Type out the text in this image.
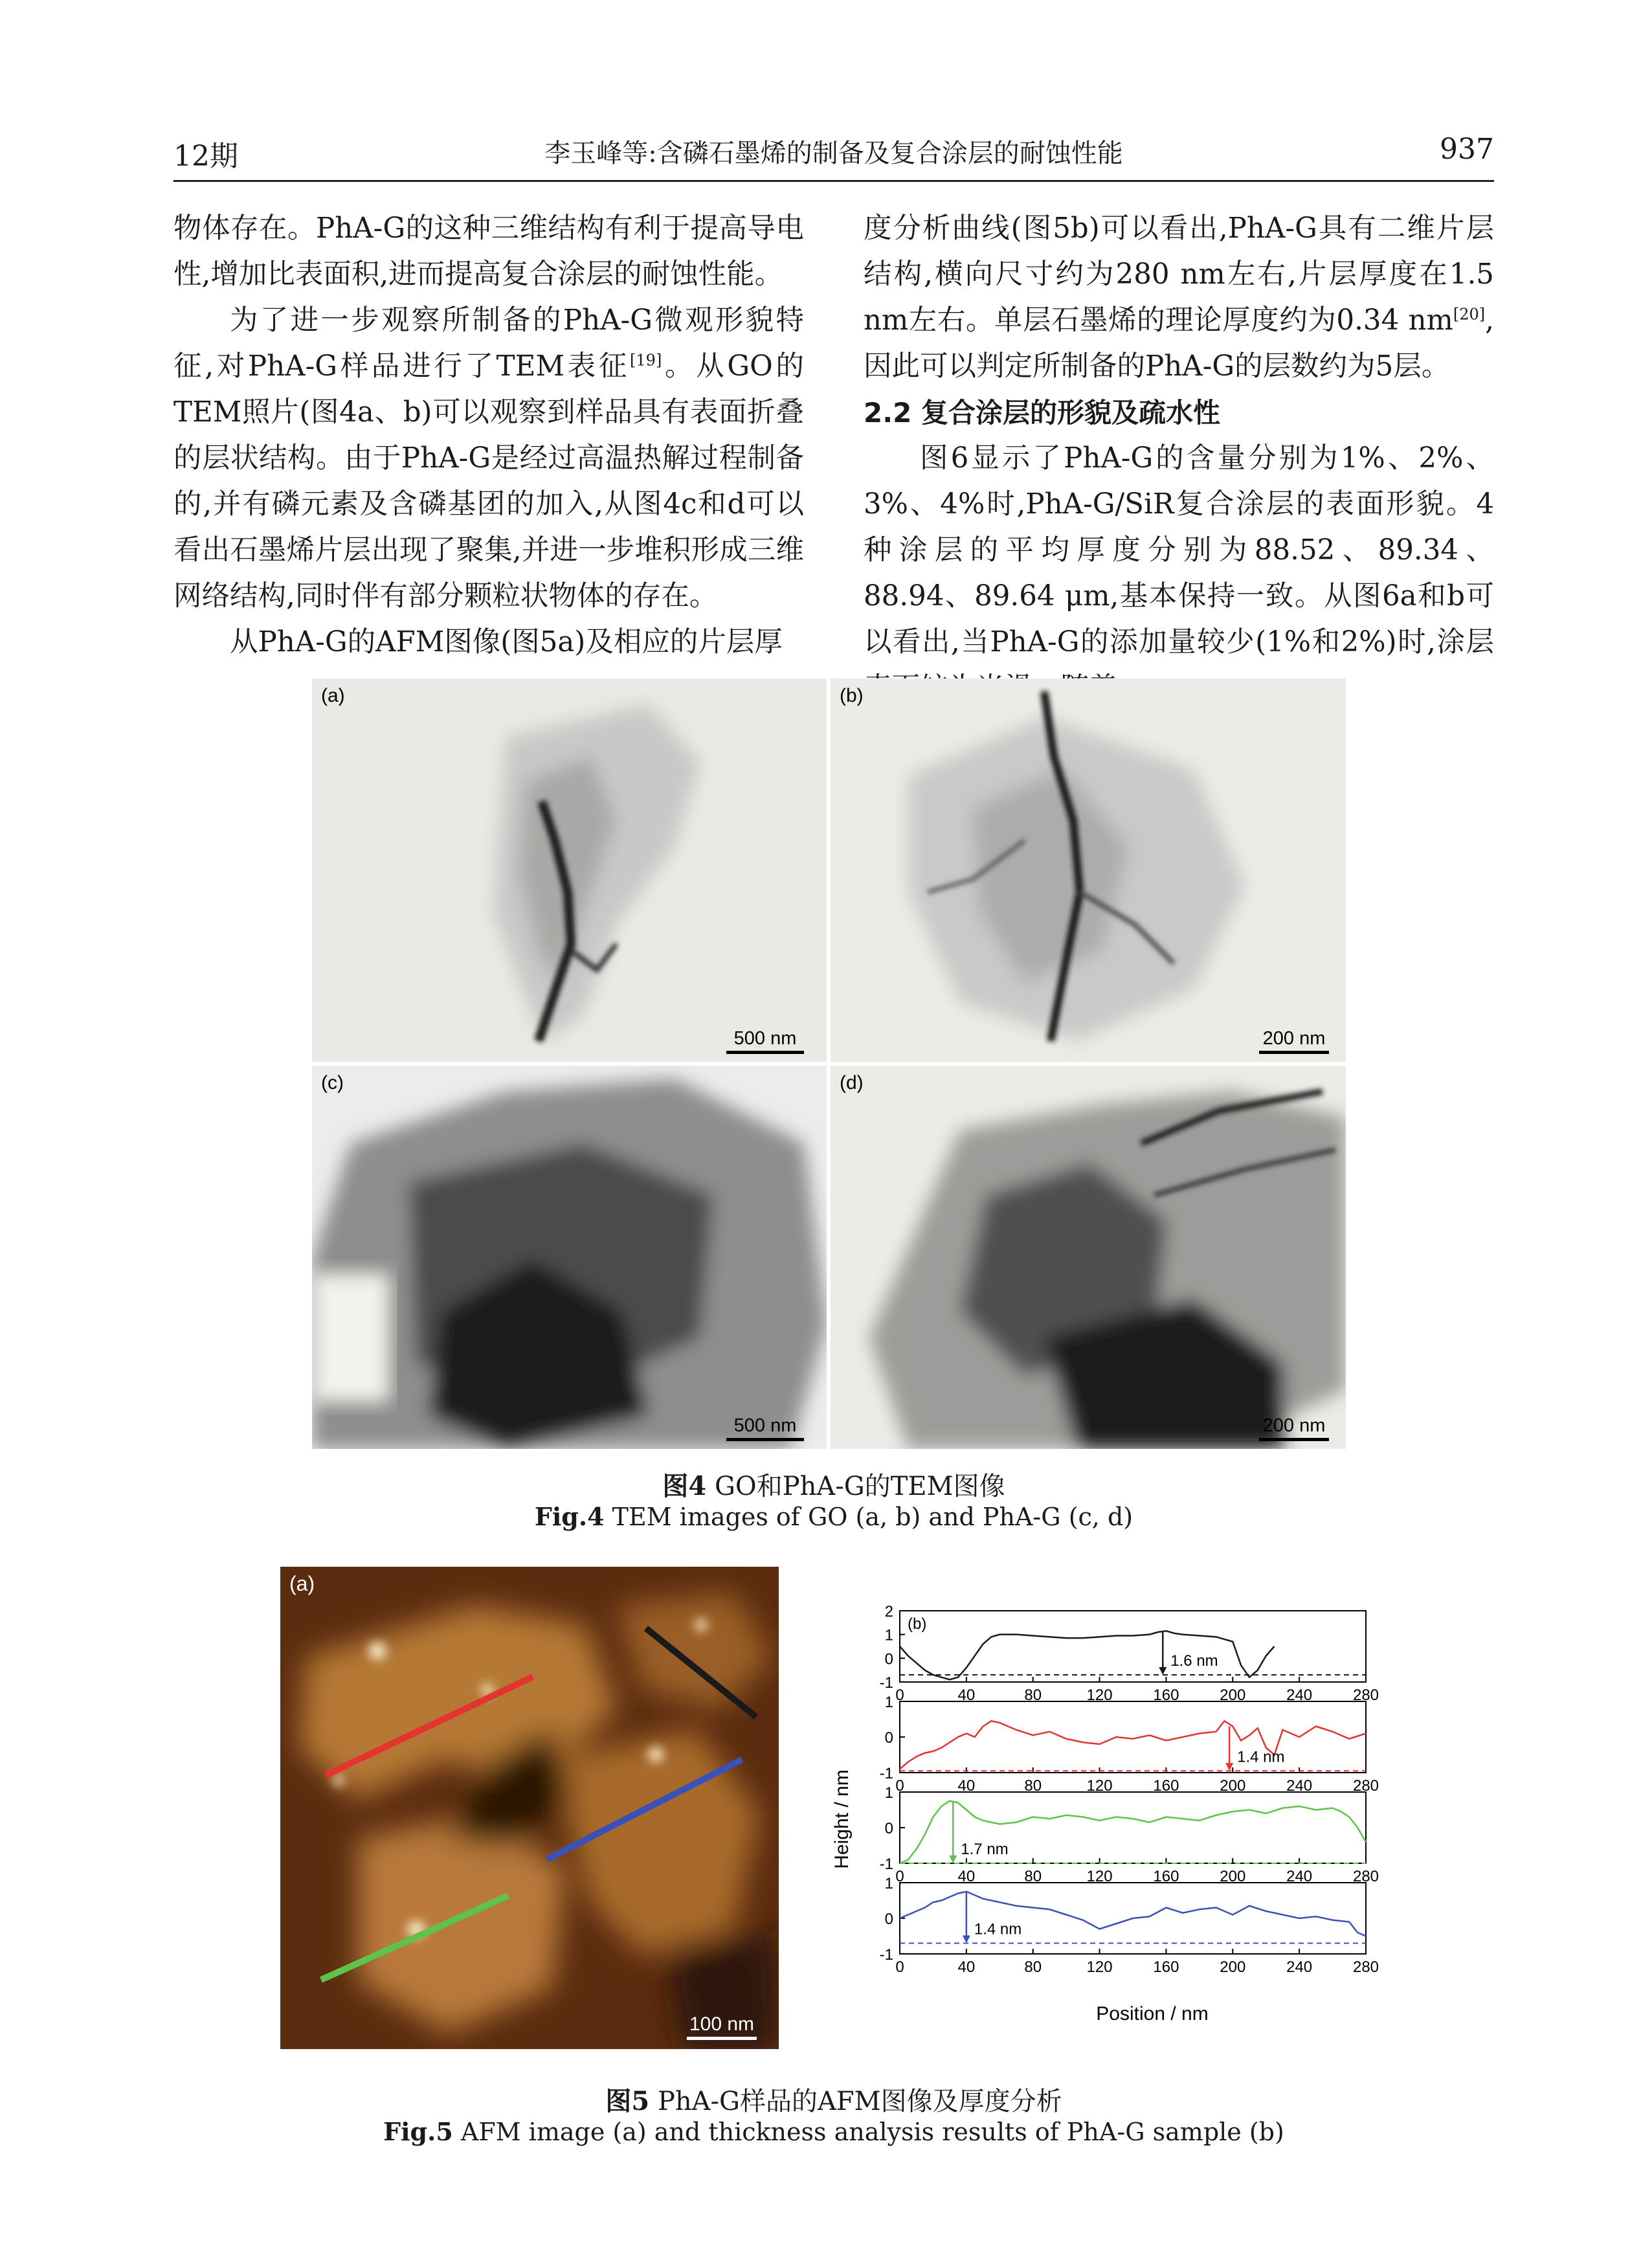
12期	李玉峰等:含磷石墨烯的制备及复合涂层的耐蚀性能	937

物体存在。PhA-G的这种三维结构有利于提高导电性,增加比表面积,进而提高复合涂层的耐蚀性能。

为了进一步观察所制备的PhA-G微观形貌特征,对PhA-G样品进行了TEM表征[19]。从GO的TEM照片(图4a、b)可以观察到样品具有表面折叠的层状结构。由于PhA-G是经过高温热解过程制备的,并有磷元素及含磷基团的加入,从图4c和d可以看出石墨烯片层出现了聚集,并进一步堆积形成三维网络结构,同时伴有部分颗粒状物体的存在。

从PhA-G的AFM图像(图5a)及相应的片层厚

度分析曲线(图5b)可以看出,PhA-G具有二维片层结构,横向尺寸约为280 nm左右,片层厚度在1.5 nm左右。单层石墨烯的理论厚度约为0.34 nm[20],因此可以判定所制备的PhA-G的层数约为5层。

2.2 复合涂层的形貌及疏水性

图6显示了PhA-G的含量分别为1%、2%、3%、4%时,PhA-G/SiR复合涂层的表面形貌。4种涂层的平均厚度分别为88.52、89.34、88.94、89.64 μm,基本保持一致。从图6a和b可以看出,当PhA-G的添加量较少(1%和2%)时,涂层

(a)
500 nm
(b)
200 nm
(c)
500 nm
(d)
200 nm
图4 GO和PhA-G的TEM图像
Fig.4 TEM images of GO (a, b) and PhA-G (c, d)
(a)
100 nm
Height / nm
Position / nm
-1
0
1
2
0	40	80	120	160	200	240	280
1.6 nm
(b)
-1
0
1
0	40	80	120	160	200	240	280
1.4 nm
-1
0
1
0	40	80	120	160	200	240	280
1.7 nm
-1
0
1
0	40	80	120	160	200	240	280
1.4 nm
图5 PhA-G样品的AFM图像及厚度分析
Fig.5 AFM image (a) and thickness analysis results of PhA-G sample (b)
